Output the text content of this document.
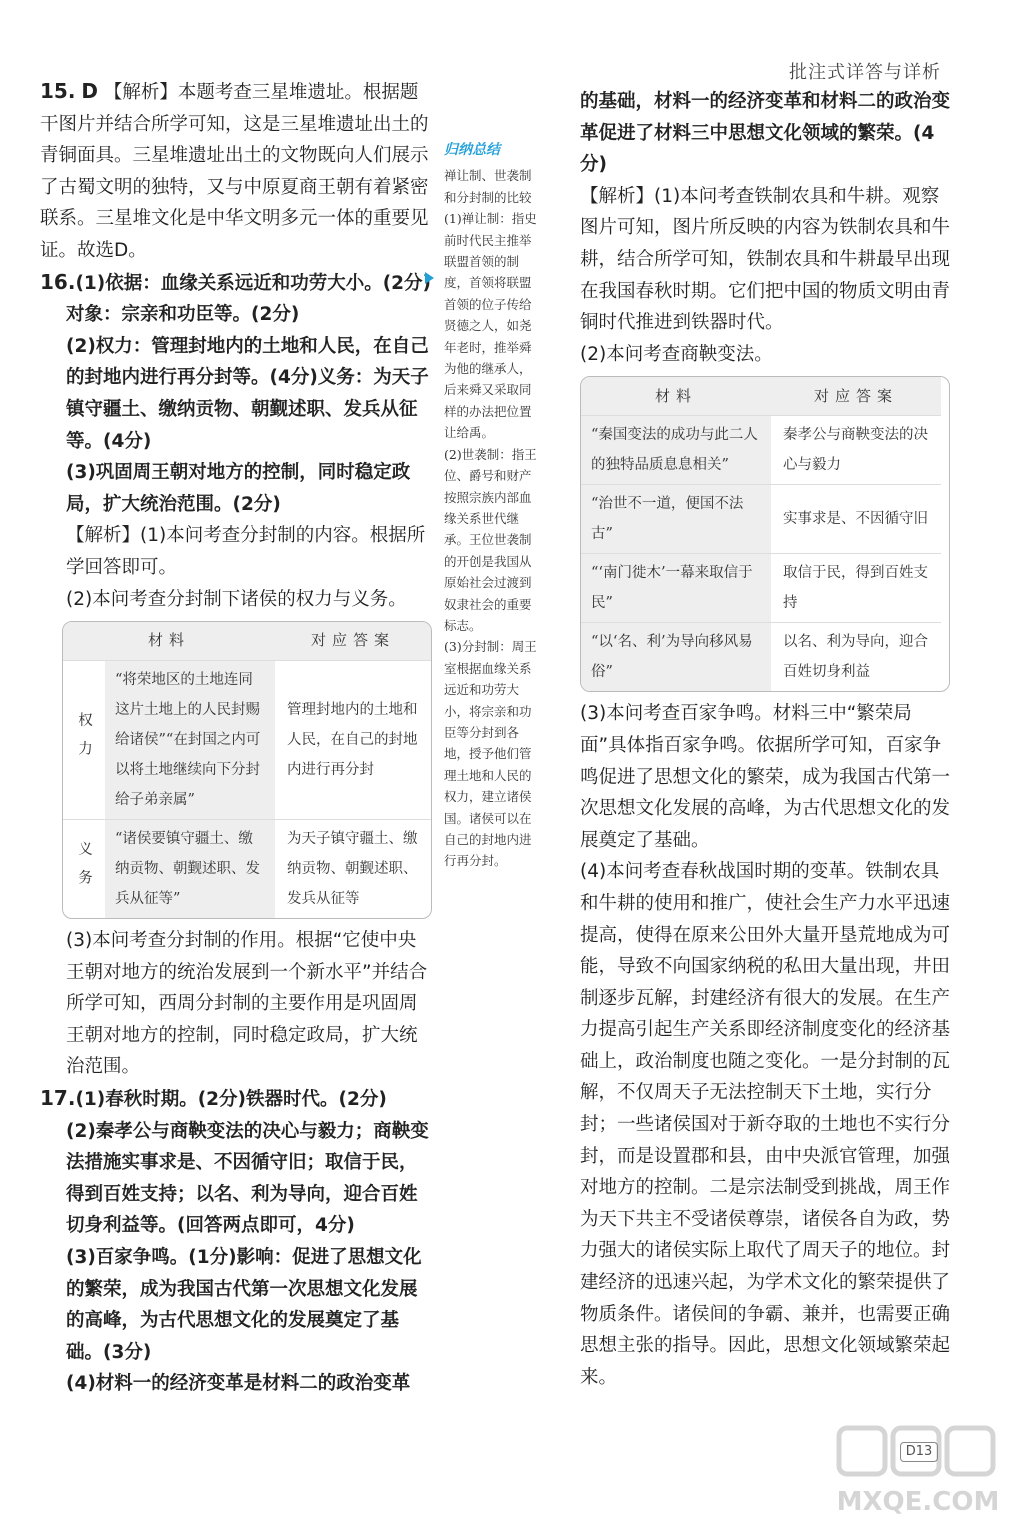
批注式详答与详析

15. D 【解析】本题考查三星堆遗址。根据题干图片并结合所学可知，这是三星堆遗址出土的青铜面具。三星堆遗址出土的文物既向人们展示了古蜀文明的独特，又与中原夏商王朝有着紧密联系。三星堆文化是中华文明多元一体的重要见证。故选D。

16.(1)依据：血缘关系远近和功劳大小。(2分)

对象：宗亲和功臣等。(2分)

(2)权力：管理封地内的土地和人民，在自己的封地内进行再分封等。(4分)义务：为天子镇守疆土、缴纳贡物、朝觐述职、发兵从征等。(4分)

(3)巩固周王朝对地方的控制，同时稳定政局，扩大统治范围。(2分)

【解析】(1)本问考查分封制的内容。根据所学回答即可。

(2)本问考查分封制下诸侯的权力与义务。

材料		对应答案
权力	“将荣地区的土地连同这片土地上的人民封赐给诸侯”“在封国之内可以将土地继续向下分封给子弟亲属”	管理封地内的土地和人民，在自己的封地内进行再分封
义务	“诸侯要镇守疆土、缴纳贡物、朝觐述职、发兵从征等”	为天子镇守疆土、缴纳贡物、朝觐述职、发兵从征等

(3)本问考查分封制的作用。根据“它使中央王朝对地方的统治发展到一个新水平”并结合所学可知，西周分封制的主要作用是巩固周王朝对地方的控制，同时稳定政局，扩大统治范围。

17.(1)春秋时期。(2分)铁器时代。(2分)

(2)秦孝公与商鞅变法的决心与毅力；商鞅变法措施实事求是、不因循守旧；取信于民，得到百姓支持；以名、利为导向，迎合百姓切身利益等。(回答两点即可，4分)

(3)百家争鸣。(1分)影响：促进了思想文化的繁荣，成为我国古代第一次思想文化发展的高峰，为古代思想文化的发展奠定了基础。(3分)

(4)材料一的经济变革是材料二的政治变革

归纳总结
禅让制、世袭制和分封制的比较
(1)禅让制：指史前时代民主推举联盟首领的制度，首领将联盟首领的位子传给贤德之人，如尧年老时，推举舜为他的继承人，后来舜又采取同样的办法把位置让给禹。
(2)世袭制：指王位、爵号和财产按照宗族内部血缘关系世代继承。王位世袭制的开创是我国从原始社会过渡到奴隶社会的重要标志。
(3)分封制：周王室根据血缘关系远近和功劳大小，将宗亲和功臣等分封到各地，授予他们管理土地和人民的权力，建立诸侯国。诸侯可以在自己的封地内进行再分封。

的基础，材料一的经济变革和材料二的政治变革促进了材料三中思想文化领域的繁荣。(4分)

【解析】(1)本问考查铁制农具和牛耕。观察图片可知，图片所反映的内容为铁制农具和牛耕，结合所学可知，铁制农具和牛耕最早出现在我国春秋时期。它们把中国的物质文明由青铜时代推进到铁器时代。

(2)本问考查商鞅变法。

材料	对应答案
“秦国变法的成功与此二人的独特品质息息相关”	秦孝公与商鞅变法的决心与毅力
“治世不一道，便国不法古”	实事求是、不因循守旧
“‘南门徙木’一幕来取信于民”	取信于民，得到百姓支持
“以‘名、利’为导向移风易俗”	以名、利为导向，迎合百姓切身利益

(3)本问考查百家争鸣。材料三中“繁荣局面”具体指百家争鸣。依据所学可知，百家争鸣促进了思想文化的繁荣，成为我国古代第一次思想文化发展的高峰，为古代思想文化的发展奠定了基础。

(4)本问考查春秋战国时期的变革。铁制农具和牛耕的使用和推广，使社会生产力水平迅速提高，使得在原来公田外大量开垦荒地成为可能，导致不向国家纳税的私田大量出现，井田制逐步瓦解，封建经济有很大的发展。在生产力提高引起生产关系即经济制度变化的经济基础上，政治制度也随之变化。一是分封制的瓦解，不仅周天子无法控制天下土地，实行分封；一些诸侯国对于新夺取的土地也不实行分封，而是设置郡和县，由中央派官管理，加强对地方的控制。二是宗法制受到挑战，周王作为天下共主不受诸侯尊崇，诸侯各自为政，势力强大的诸侯实际上取代了周天子的地位。封建经济的迅速兴起，为学术文化的繁荣提供了物质条件。诸侯间的争霸、兼并，也需要正确思想主张的指导。因此，思想文化领域繁荣起来。

D13
MXQE.COM
